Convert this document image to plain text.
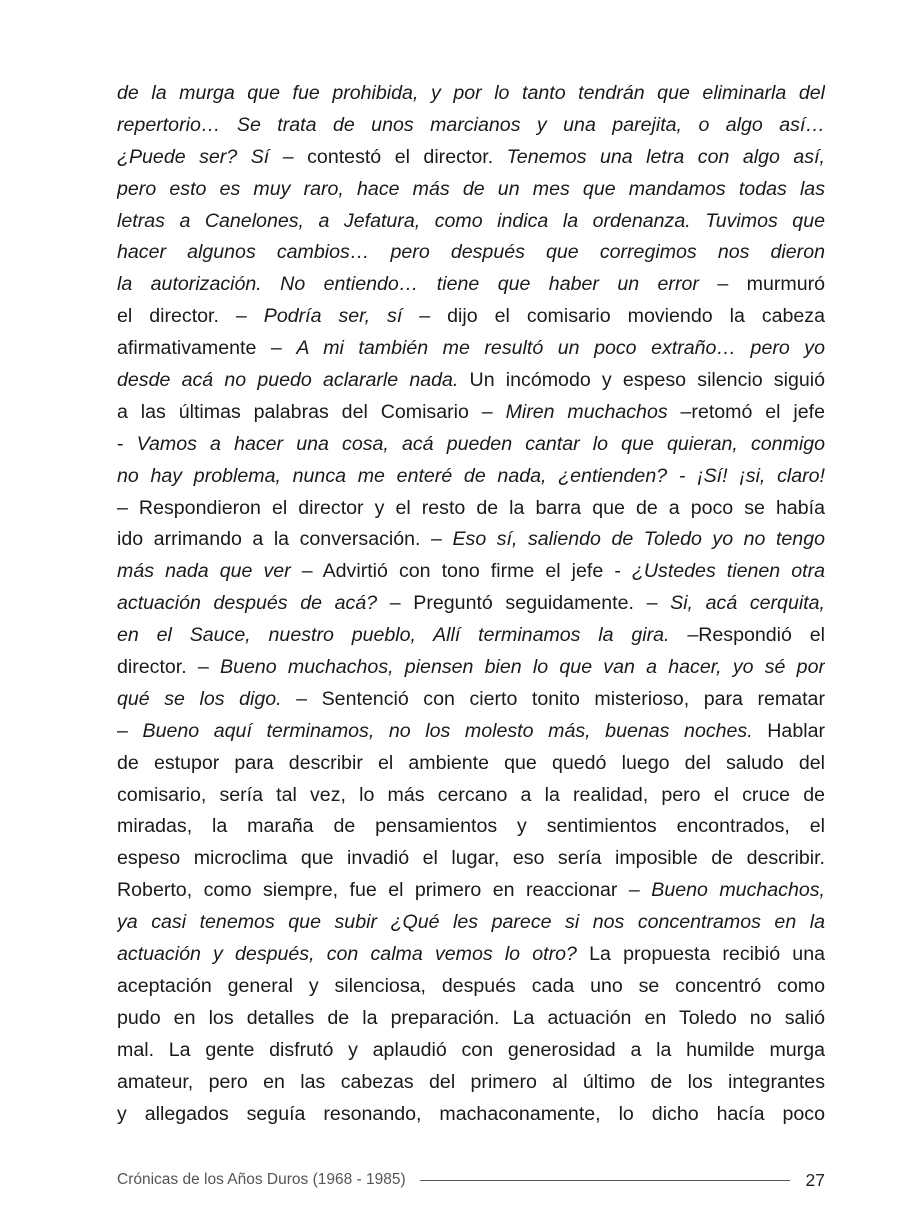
de la murga que fue prohibida, y por lo tanto tendrán que eliminarla del
repertorio… Se trata de unos marcianos y una parejita, o algo así…
¿Puede ser? Sí – contestó el director. Tenemos una letra con algo así,
pero esto es muy raro, hace más de un mes que mandamos todas las
letras a Canelones, a Jefatura, como indica la ordenanza. Tuvimos que
hacer algunos cambios… pero después que corregimos nos dieron
la autorización. No entiendo… tiene que haber un error – murmuró
el director. – Podría ser, sí – dijo el comisario moviendo la cabeza
afirmativamente – A mi también me resultó un poco extraño… pero yo
desde acá no puedo aclararle nada. Un incómodo y espeso silencio siguió
a las últimas palabras del Comisario – Miren muchachos –retomó el jefe
- Vamos a hacer una cosa, acá pueden cantar lo que quieran, conmigo
no hay problema, nunca me enteré de nada, ¿entienden? - ¡Sí! ¡si, claro!
– Respondieron el director y el resto de la barra que de a poco se había
ido arrimando a la conversación. – Eso sí, saliendo de Toledo yo no tengo
más nada que ver – Advirtió con tono firme el jefe - ¿Ustedes tienen otra
actuación después de acá? – Preguntó seguidamente. – Si, acá cerquita,
en el Sauce, nuestro pueblo, Allí terminamos la gira. –Respondió el
director. – Bueno muchachos, piensen bien lo que van a hacer, yo sé por
qué se los digo. – Sentenció con cierto tonito misterioso, para rematar
– Bueno aquí terminamos, no los molesto más, buenas noches. Hablar
de estupor para describir el ambiente que quedó luego del saludo del
comisario, sería tal vez, lo más cercano a la realidad, pero el cruce de
miradas, la maraña de pensamientos y sentimientos encontrados, el
espeso microclima que invadió el lugar, eso sería imposible de describir.
Roberto, como siempre, fue el primero en reaccionar – Bueno muchachos,
ya casi tenemos que subir ¿Qué les parece si nos concentramos en la
actuación y después, con calma vemos lo otro? La propuesta recibió una
aceptación general y silenciosa, después cada uno se concentró como
pudo en los detalles de la preparación. La actuación en Toledo no salió
mal. La gente disfrutó y aplaudió con generosidad a la humilde murga
amateur, pero en las cabezas del primero al último de los integrantes
y allegados seguía resonando, machaconamente, lo dicho hacía poco
Crónicas de los Años Duros (1968 - 1985)	27
